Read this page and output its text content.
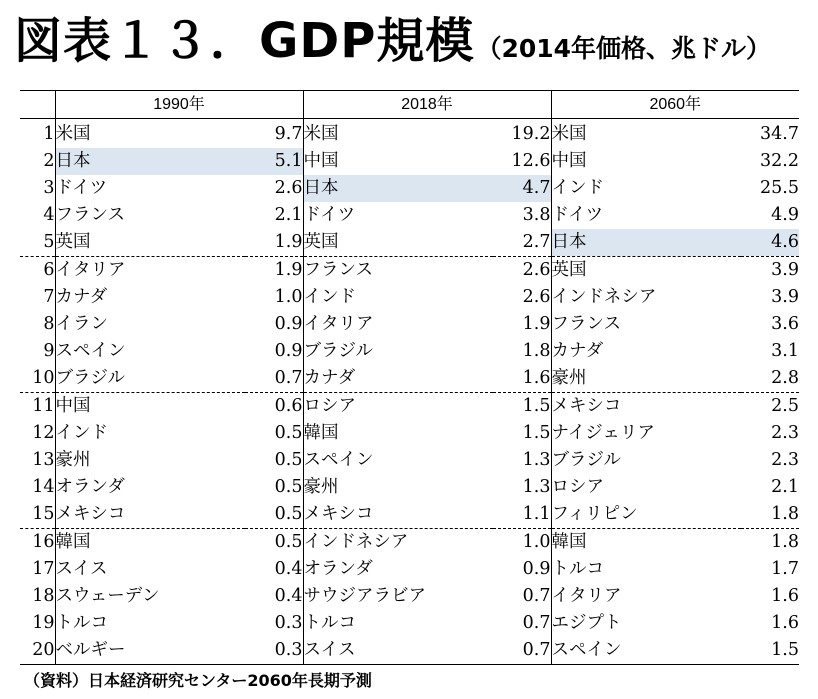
図表１３．GDP規模（2014年価格、兆ドル）
	1990年		2018年		2060年	
1	米国	9.7	米国	19.2	米国	34.7
2	日本	5.1	中国	12.6	中国	32.2
3	ドイツ	2.6	日本	4.7	インド	25.5
4	フランス	2.1	ドイツ	3.8	ドイツ	4.9
5	英国	1.9	英国	2.7	日本	4.6
6	イタリア	1.9	フランス	2.6	英国	3.9
7	カナダ	1.0	インド	2.6	インドネシア	3.9
8	イラン	0.9	イタリア	1.9	フランス	3.6
9	スペイン	0.9	ブラジル	1.8	カナダ	3.1
10	ブラジル	0.7	カナダ	1.6	豪州	2.8
11	中国	0.6	ロシア	1.5	メキシコ	2.5
12	インド	0.5	韓国	1.5	ナイジェリア	2.3
13	豪州	0.5	スペイン	1.3	ブラジル	2.3
14	オランダ	0.5	豪州	1.3	ロシア	2.1
15	メキシコ	0.5	メキシコ	1.1	フィリピン	1.8
16	韓国	0.5	インドネシア	1.0	韓国	1.8
17	スイス	0.4	オランダ	0.9	トルコ	1.7
18	スウェーデン	0.4	サウジアラビア	0.7	イタリア	1.6
19	トルコ	0.3	トルコ	0.7	エジプト	1.6
20	ベルギー	0.3	スイス	0.7	スペイン	1.5
（資料）日本経済研究センター2060年長期予測
